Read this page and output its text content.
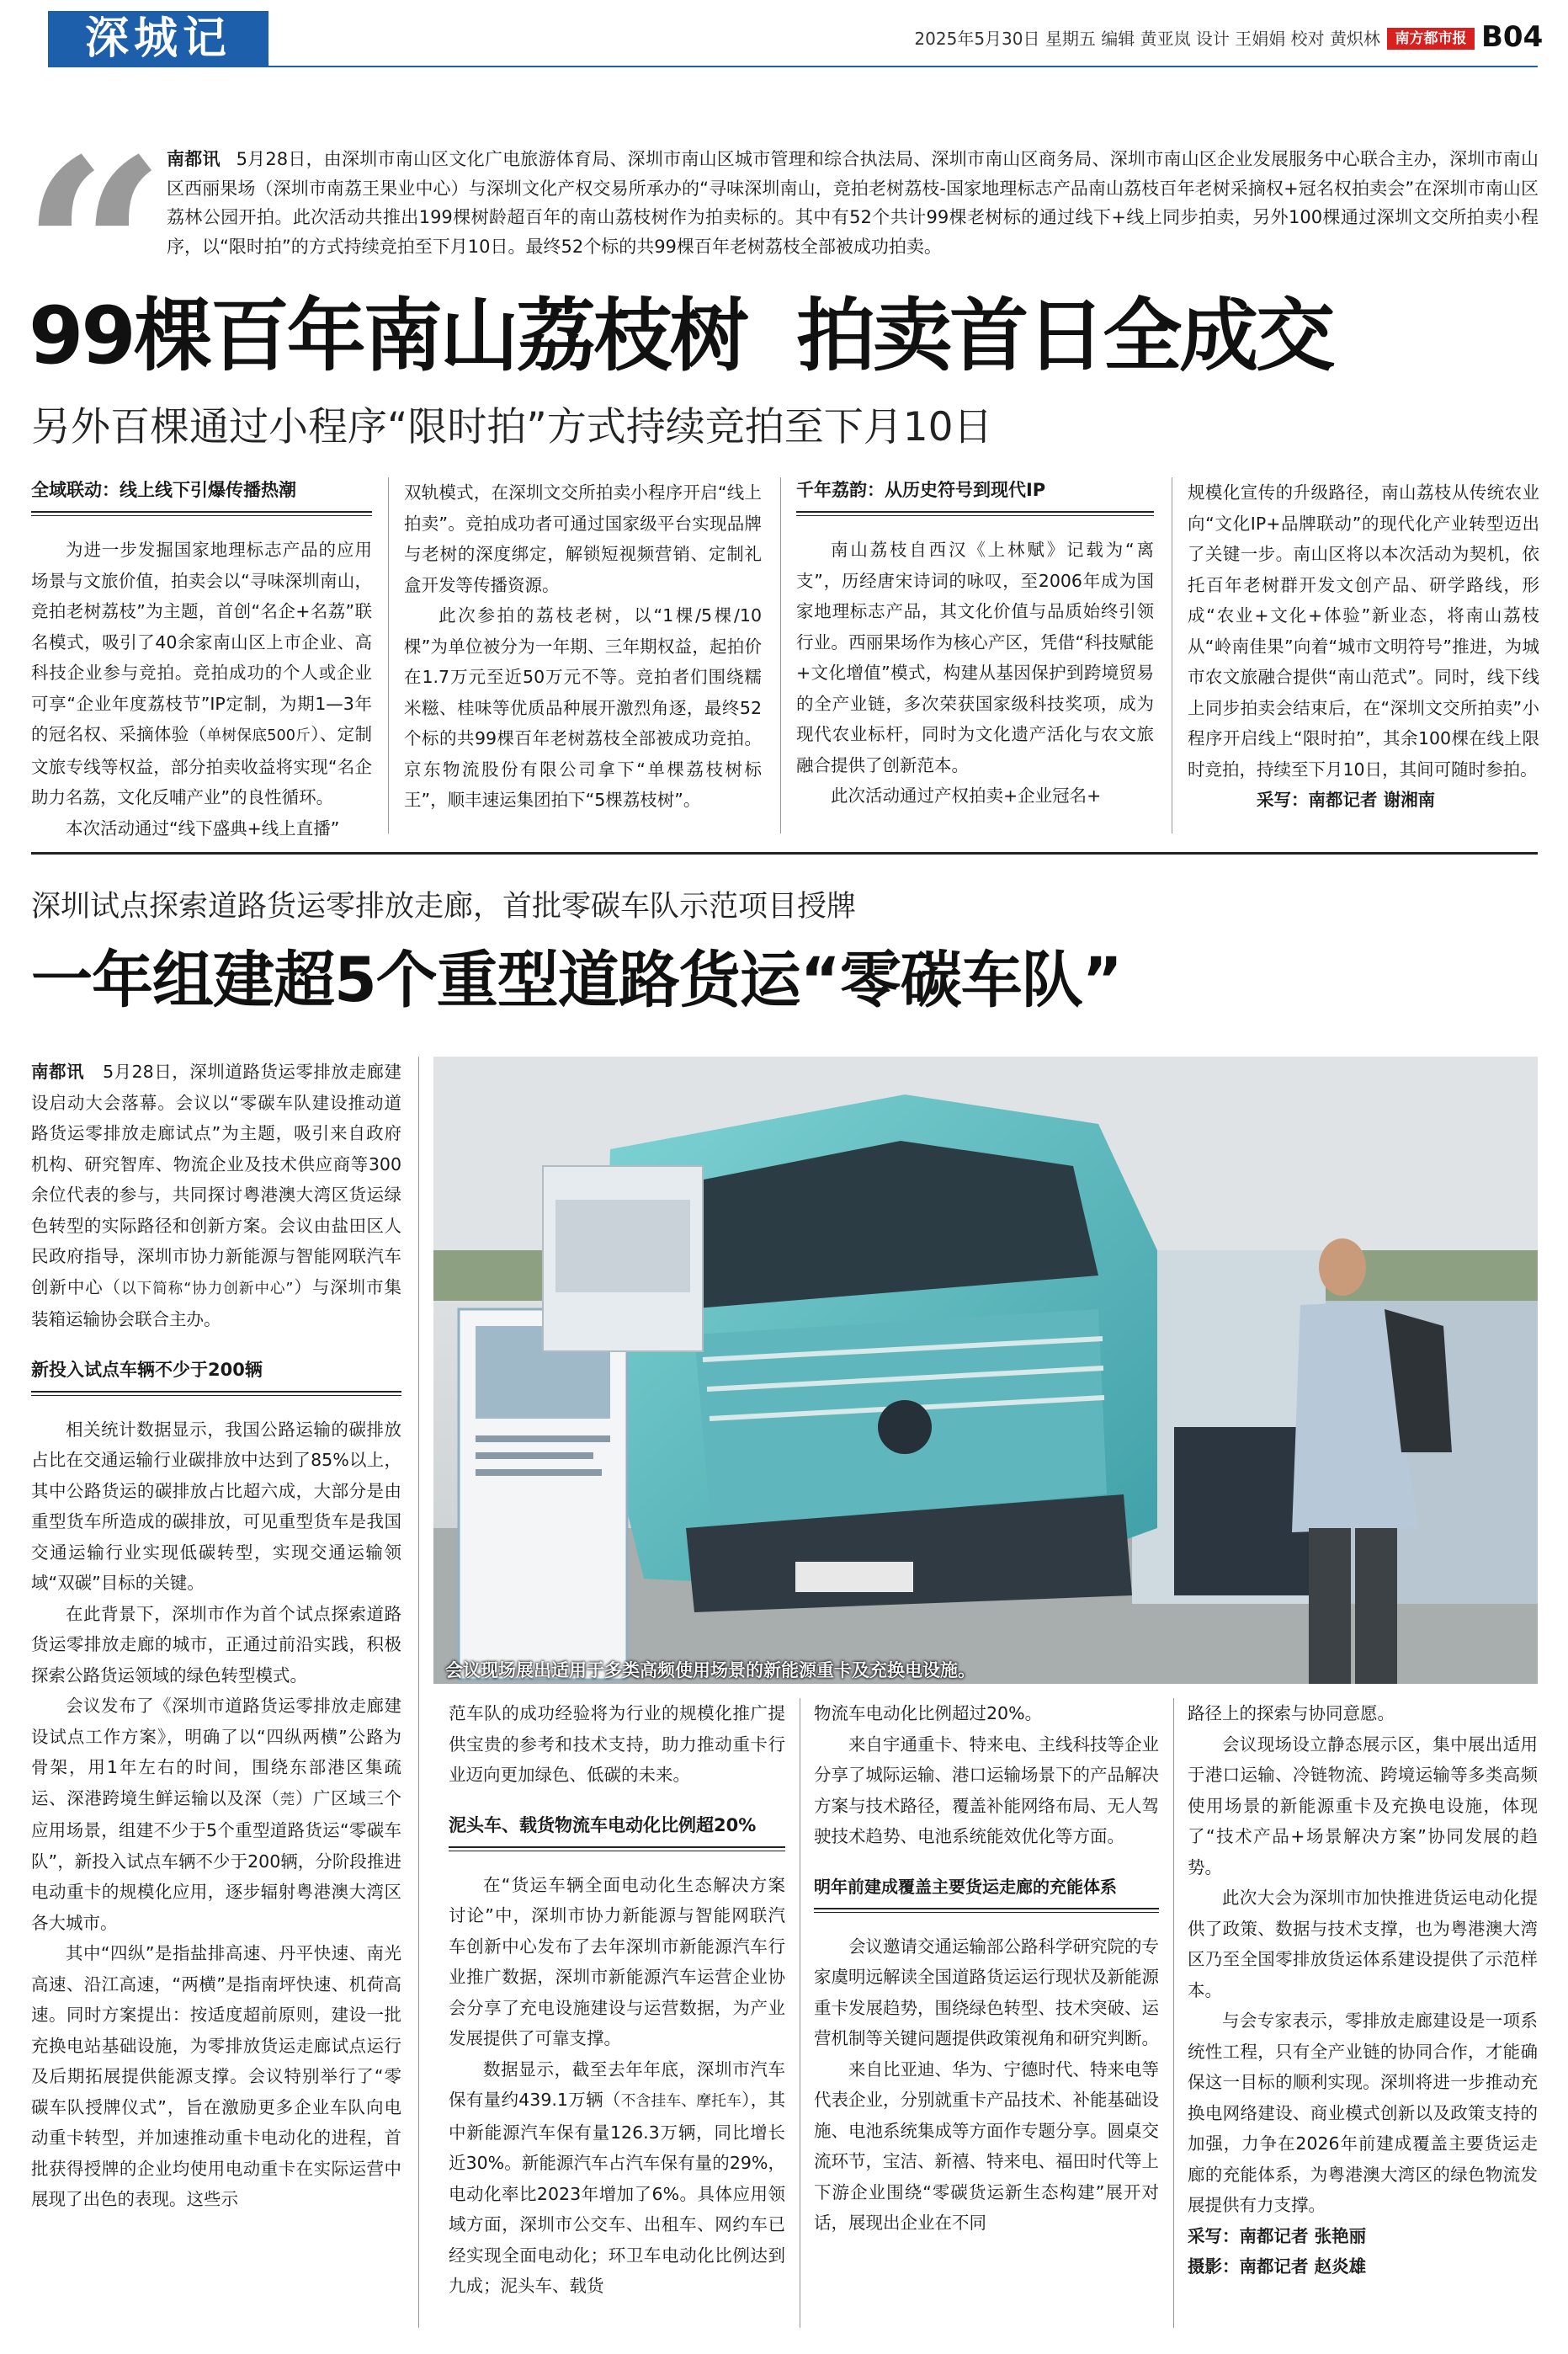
深城记	2025年5月30日 星期五 编辑 黄亚岚 设计 王娟娟 校对 黄炽林	南方都市报 B04
“ 南都讯 5月28日，由深圳市南山区文化广电旅游体育局、深圳市南山区城市管理和综合执法局、深圳市南山区商务局、深圳市南山区企业发展服务中心联合主办，深圳市南山区西丽果场（深圳市南荔王果业中心）与深圳文化产权交易所承办的“寻味深圳南山，竞拍老树荔枝-国家地理标志产品南山荔枝百年老树采摘权+冠名权拍卖会”在深圳市南山区荔林公园开拍。此次活动共推出199棵树龄超百年的南山荔枝树作为拍卖标的。其中有52个共计99棵老树标的通过线下+线上同步拍卖，另外100棵通过深圳文交所拍卖小程序，以“限时拍”的方式持续竞拍至下月10日。最终52个标的共99棵百年老树荔枝全部被成功拍卖。
99棵百年南山荔枝树  拍卖首日全成交
另外百棵通过小程序“限时拍”方式持续竞拍至下月10日
全域联动：线上线下引爆传播热潮

为进一步发掘国家地理标志产品的应用场景与文旅价值，拍卖会以“寻味深圳南山，竞拍老树荔枝”为主题，首创“名企+名荔”联名模式，吸引了40余家南山区上市企业、高科技企业参与竞拍。竞拍成功的个人或企业可享“企业年度荔枝节”IP定制，为期1—3年的冠名权、采摘体验（单树保底500斤）、定制文旅专线等权益，部分拍卖收益将实现“名企助力名荔，文化反哺产业”的良性循环。

本次活动通过“线下盛典+线上直播”

双轨模式，在深圳文交所拍卖小程序开启“线上拍卖”。竞拍成功者可通过国家级平台实现品牌与老树的深度绑定，解锁短视频营销、定制礼盒开发等传播资源。

此次参拍的荔枝老树，以“1棵/5棵/10棵”为单位被分为一年期、三年期权益，起拍价在1.7万元至近50万元不等。竞拍者们围绕糯米糍、桂味等优质品种展开激烈角逐，最终52个标的共99棵百年老树荔枝全部被成功竞拍。京东物流股份有限公司拿下“单棵荔枝树标王”，顺丰速运集团拍下“5棵荔枝树”。

千年荔韵：从历史符号到现代IP

南山荔枝自西汉《上林赋》记载为“离支”，历经唐宋诗词的咏叹，至2006年成为国家地理标志产品，其文化价值与品质始终引领行业。西丽果场作为核心产区，凭借“科技赋能+文化增值”模式，构建从基因保护到跨境贸易的全产业链，多次荣获国家级科技奖项，成为现代农业标杆，同时为文化遗产活化与农文旅融合提供了创新范本。

此次活动通过产权拍卖+企业冠名+

规模化宣传的升级路径，南山荔枝从传统农业向“文化IP+品牌联动”的现代化产业转型迈出了关键一步。南山区将以本次活动为契机，依托百年老树群开发文创产品、研学路线，形成“农业+文化+体验”新业态，将南山荔枝从“岭南佳果”向着“城市文明符号”推进，为城市农文旅融合提供“南山范式”。同时，线下线上同步拍卖会结束后，在“深圳文交所拍卖”小程序开启线上“限时拍”，其余100棵在线上限时竞拍，持续至下月10日，其间可随时参拍。

采写：南都记者 谢湘南

深圳试点探索道路货运零排放走廊，首批零碳车队示范项目授牌
一年组建超5个重型道路货运“零碳车队”

南都讯 5月28日，深圳道路货运零排放走廊建设启动大会落幕。会议以“零碳车队建设推动道路货运零排放走廊试点”为主题，吸引来自政府机构、研究智库、物流企业及技术供应商等300余位代表的参与，共同探讨粤港澳大湾区货运绿色转型的实际路径和创新方案。会议由盐田区人民政府指导，深圳市协力新能源与智能网联汽车创新中心（以下简称“协力创新中心”）与深圳市集装箱运输协会联合主办。

新投入试点车辆不少于200辆

相关统计数据显示，我国公路运输的碳排放占比在交通运输行业碳排放中达到了85%以上，其中公路货运的碳排放占比超六成，大部分是由重型货车所造成的碳排放，可见重型货车是我国交通运输行业实现低碳转型，实现交通运输领域“双碳”目标的关键。

在此背景下，深圳市作为首个试点探索道路货运零排放走廊的城市，正通过前沿实践，积极探索公路货运领域的绿色转型模式。

会议发布了《深圳市道路货运零排放走廊建设试点工作方案》，明确了以“四纵两横”公路为骨架，用1年左右的时间，围绕东部港区集疏运、深港跨境生鲜运输以及深（莞）广区域三个应用场景，组建不少于5个重型道路货运“零碳车队”，新投入试点车辆不少于200辆，分阶段推进电动重卡的规模化应用，逐步辐射粤港澳大湾区各大城市。

其中“四纵”是指盐排高速、丹平快速、南光高速、沿江高速，“两横”是指南坪快速、机荷高速。同时方案提出：按适度超前原则，建设一批充换电站基础设施，为零排放货运走廊试点运行及后期拓展提供能源支撑。会议特别举行了“零碳车队授牌仪式”，旨在激励更多企业车队向电动重卡转型，并加速推动重卡电动化的进程，首批获得授牌的企业均使用电动重卡在实际运营中展现了出色的表现。这些示

会议现场展出适用于多类高频使用场景的新能源重卡及充换电设施。

范车队的成功经验将为行业的规模化推广提供宝贵的参考和技术支持，助力推动重卡行业迈向更加绿色、低碳的未来。

泥头车、载货物流车电动化比例超20%

在“货运车辆全面电动化生态解决方案讨论”中，深圳市协力新能源与智能网联汽车创新中心发布了去年深圳市新能源汽车行业推广数据，深圳市新能源汽车运营企业协会分享了充电设施建设与运营数据，为产业发展提供了可靠支撑。

数据显示，截至去年年底，深圳市汽车保有量约439.1万辆（不含挂车、摩托车），其中新能源汽车保有量126.3万辆，同比增长近30%。新能源汽车占汽车保有量的29%，电动化率比2023年增加了6%。具体应用领域方面，深圳市公交车、出租车、网约车已经实现全面电动化；环卫车电动化比例达到九成；泥头车、载货

物流车电动化比例超过20%。

来自宇通重卡、特来电、主线科技等企业分享了城际运输、港口运输场景下的产品解决方案与技术路径，覆盖补能网络布局、无人驾驶技术趋势、电池系统能效优化等方面。

明年前建成覆盖主要货运走廊的充能体系

会议邀请交通运输部公路科学研究院的专家虞明远解读全国道路货运运行现状及新能源重卡发展趋势，围绕绿色转型、技术突破、运营机制等关键问题提供政策视角和研究判断。

来自比亚迪、华为、宁德时代、特来电等代表企业，分别就重卡产品技术、补能基础设施、电池系统集成等方面作专题分享。圆桌交流环节，宝洁、新禧、特来电、福田时代等上下游企业围绕“零碳货运新生态构建”展开对话，展现出企业在不同

路径上的探索与协同意愿。

会议现场设立静态展示区，集中展出适用于港口运输、冷链物流、跨境运输等多类高频使用场景的新能源重卡及充换电设施，体现了“技术产品+场景解决方案”协同发展的趋势。

此次大会为深圳市加快推进货运电动化提供了政策、数据与技术支撑，也为粤港澳大湾区乃至全国零排放货运体系建设提供了示范样本。

与会专家表示，零排放走廊建设是一项系统性工程，只有全产业链的协同合作，才能确保这一目标的顺利实现。深圳将进一步推动充换电网络建设、商业模式创新以及政策支持的加强，力争在2026年前建成覆盖主要货运走廊的充能体系，为粤港澳大湾区的绿色物流发展提供有力支撑。

采写：南都记者 张艳丽

摄影：南都记者 赵炎雄
